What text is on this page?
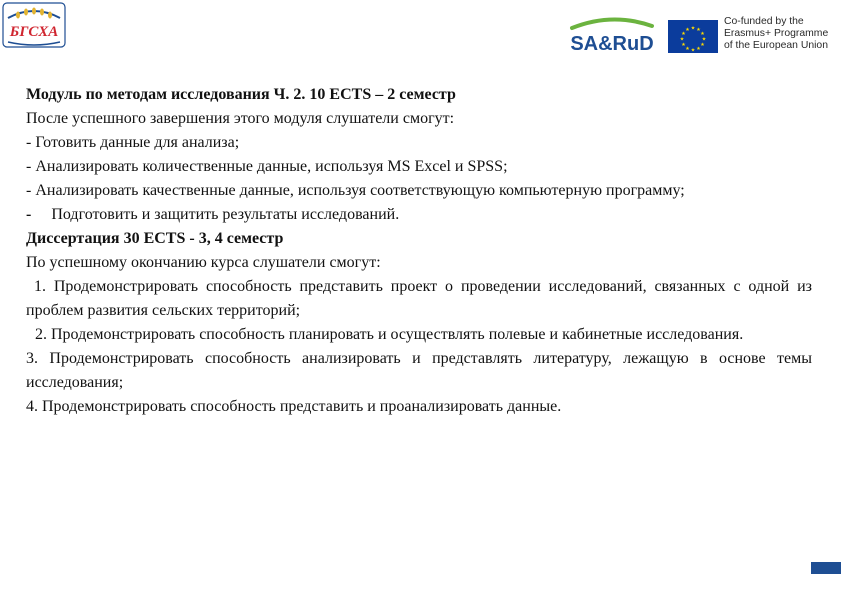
БГСХА
SA&RuD
★ ★
★
★
★
★
★
★
★
★
★
★
Co-funded by the
Erasmus+ Programme
of the European Union

Модуль по методам исследования Ч. 2. 10 ECTS – 2 семестр

После успешного завершения этого модуля слушатели смогут:

- Готовить данные для анализа;

- Анализировать количественные данные, используя MS Excel и SPSS;

- Анализировать качественные данные, используя соответствующую компьютерную программу;

- Подготовить и защитить результаты исследований.

Диссертация 30 ECTS - 3, 4 семестр

По успешному окончанию курса слушатели смогут:

1. Продемонстрировать способность представить проект о проведении исследований, связанных с одной из проблем развития сельских территорий;

2. Продемонстрировать способность планировать и осуществлять полевые и кабинетные исследования.

3. Продемонстрировать способность анализировать и представлять литературу, лежащую в основе темы исследования;

4. Продемонстрировать способность представить и проанализировать данные.
